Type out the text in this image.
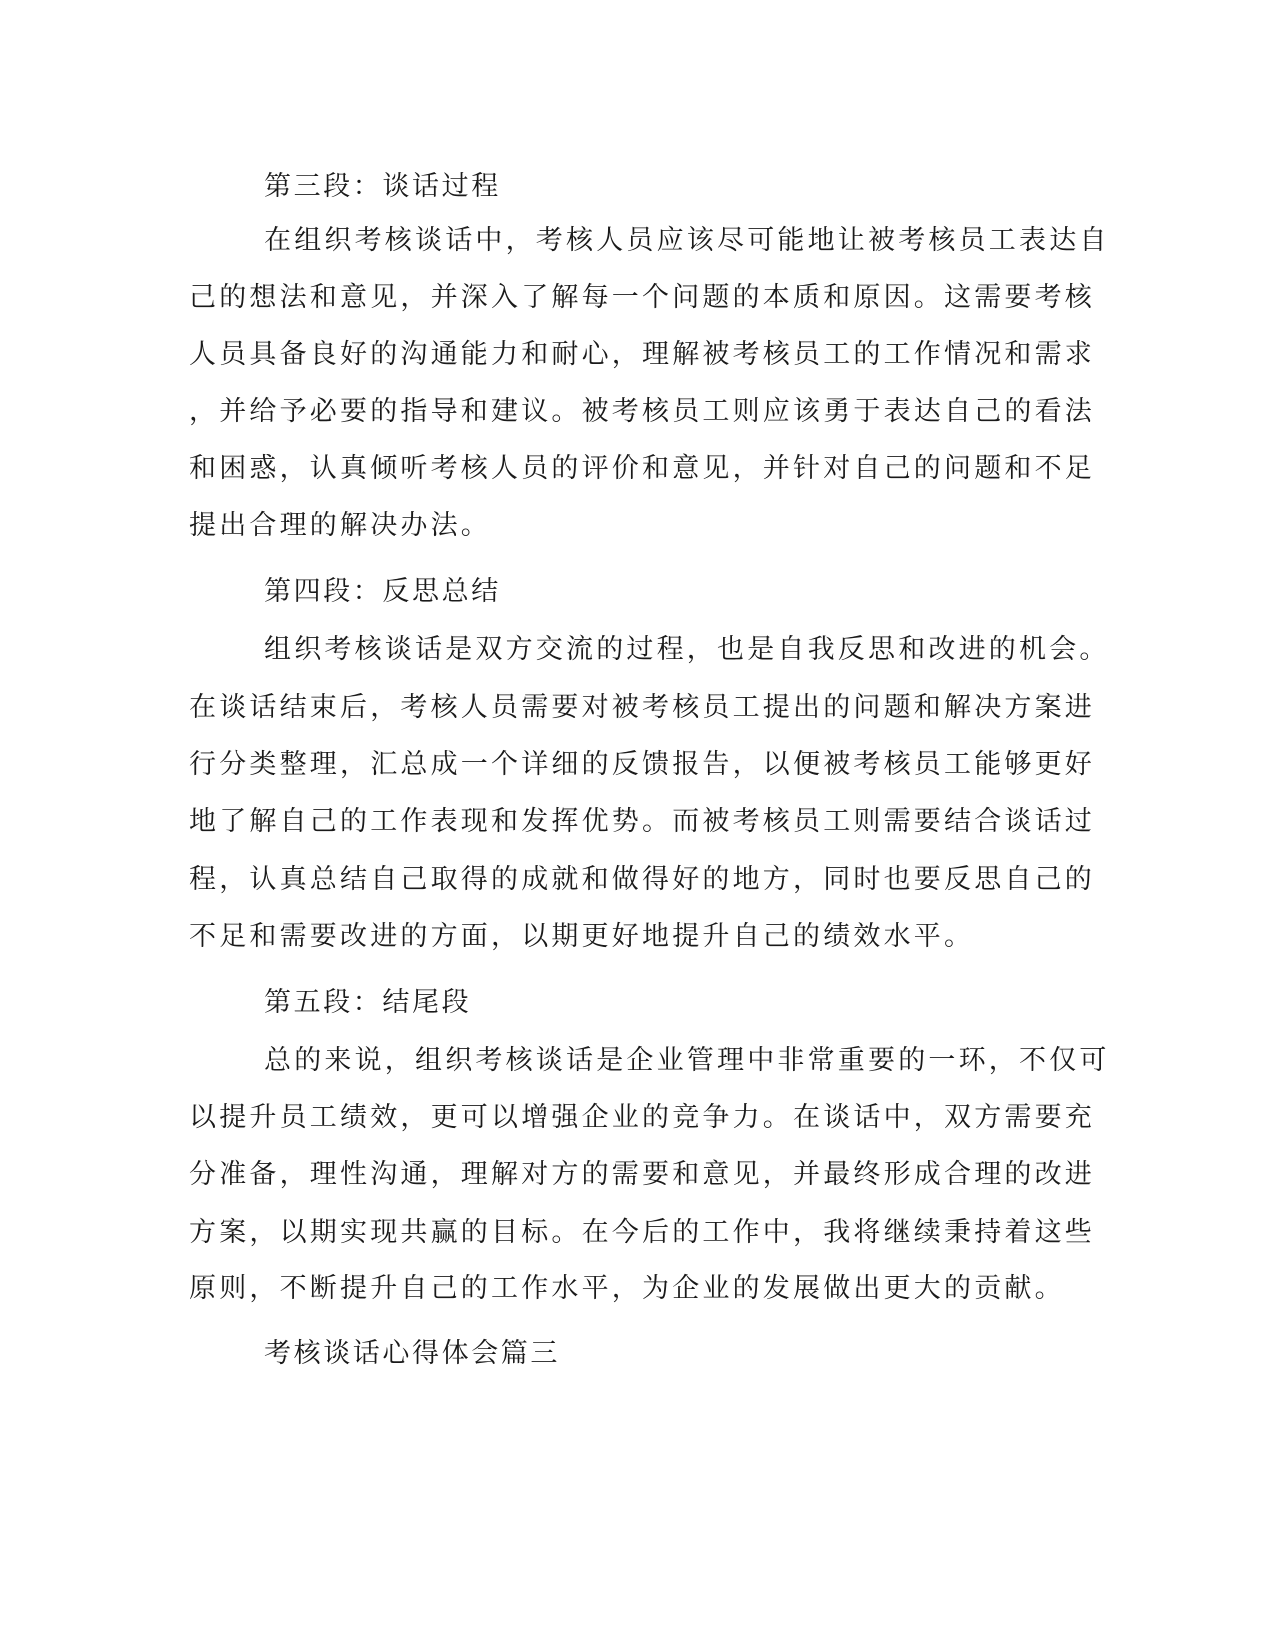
第三段：谈话过程

在组织考核谈话中，考核人员应该尽可能地让被考核员工表达自

己的想法和意见，并深入了解每一个问题的本质和原因。这需要考核

人员具备良好的沟通能力和耐心，理解被考核员工的工作情况和需求

，并给予必要的指导和建议。被考核员工则应该勇于表达自己的看法

和困惑，认真倾听考核人员的评价和意见，并针对自己的问题和不足

提出合理的解决办法。

第四段：反思总结

组织考核谈话是双方交流的过程，也是自我反思和改进的机会。

在谈话结束后，考核人员需要对被考核员工提出的问题和解决方案进

行分类整理，汇总成一个详细的反馈报告，以便被考核员工能够更好

地了解自己的工作表现和发挥优势。而被考核员工则需要结合谈话过

程，认真总结自己取得的成就和做得好的地方，同时也要反思自己的

不足和需要改进的方面，以期更好地提升自己的绩效水平。

第五段：结尾段

总的来说，组织考核谈话是企业管理中非常重要的一环，不仅可

以提升员工绩效，更可以增强企业的竞争力。在谈话中，双方需要充

分准备，理性沟通，理解对方的需要和意见，并最终形成合理的改进

方案，以期实现共赢的目标。在今后的工作中，我将继续秉持着这些

原则，不断提升自己的工作水平，为企业的发展做出更大的贡献。

考核谈话心得体会篇三
